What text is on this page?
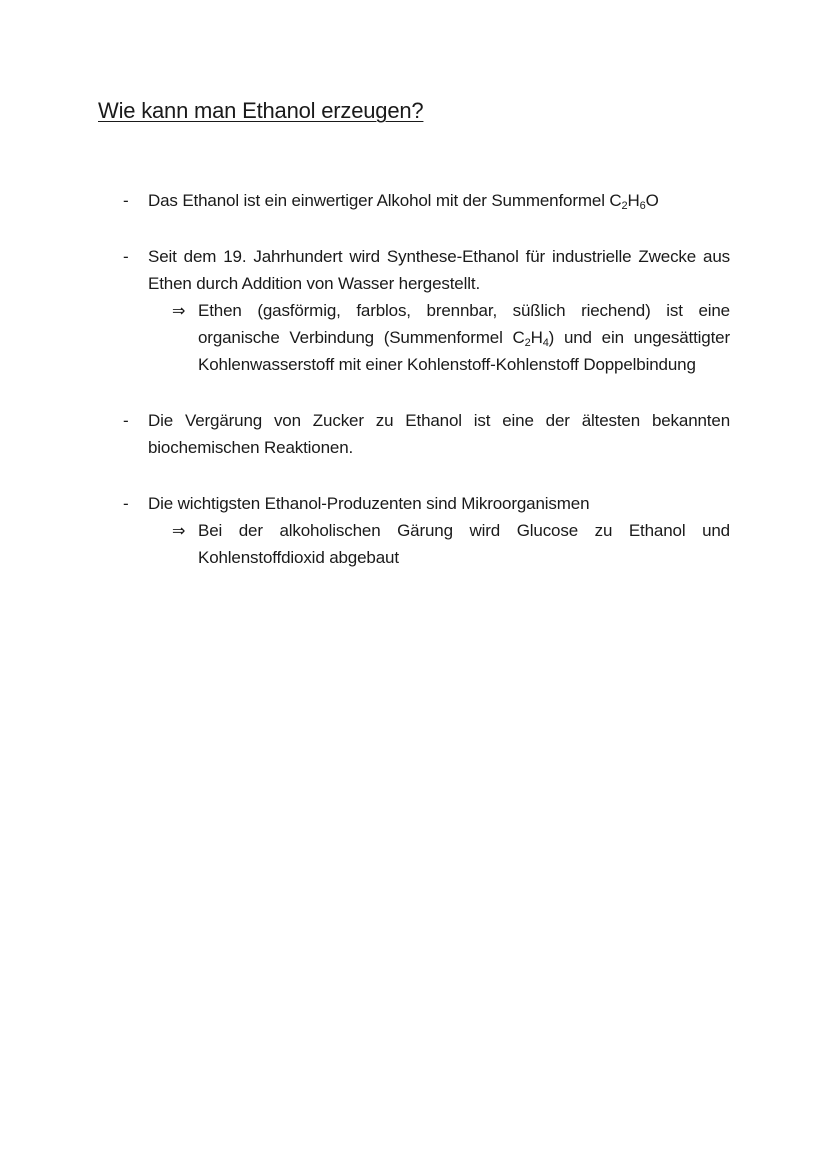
Wie kann man Ethanol erzeugen?
- Das Ethanol ist ein einwertiger Alkohol mit der Summenformel $C_2H_6O$

- Seit dem 19. Jahrhundert wird Synthese-Ethanol für industrielle Zwecke aus Ethen durch Addition von Wasser hergestellt.

⇒ Ethen (gasförmig, farblos, brennbar, süßlich riechend) ist eine organische Verbindung (Summenformel $C_2H_4$) und ein ungesättigter Kohlenwasserstoff mit einer Kohlenstoff-Kohlenstoff Doppelbindung
- Die Vergärung von Zucker zu Ethanol ist eine der ältesten bekannten biochemischen Reaktionen.

- Die wichtigsten Ethanol-Produzenten sind Mikroorganismen

⇒ Bei der alkoholischen Gärung wird Glucose zu Ethanol und Kohlenstoffdioxid abgebaut
